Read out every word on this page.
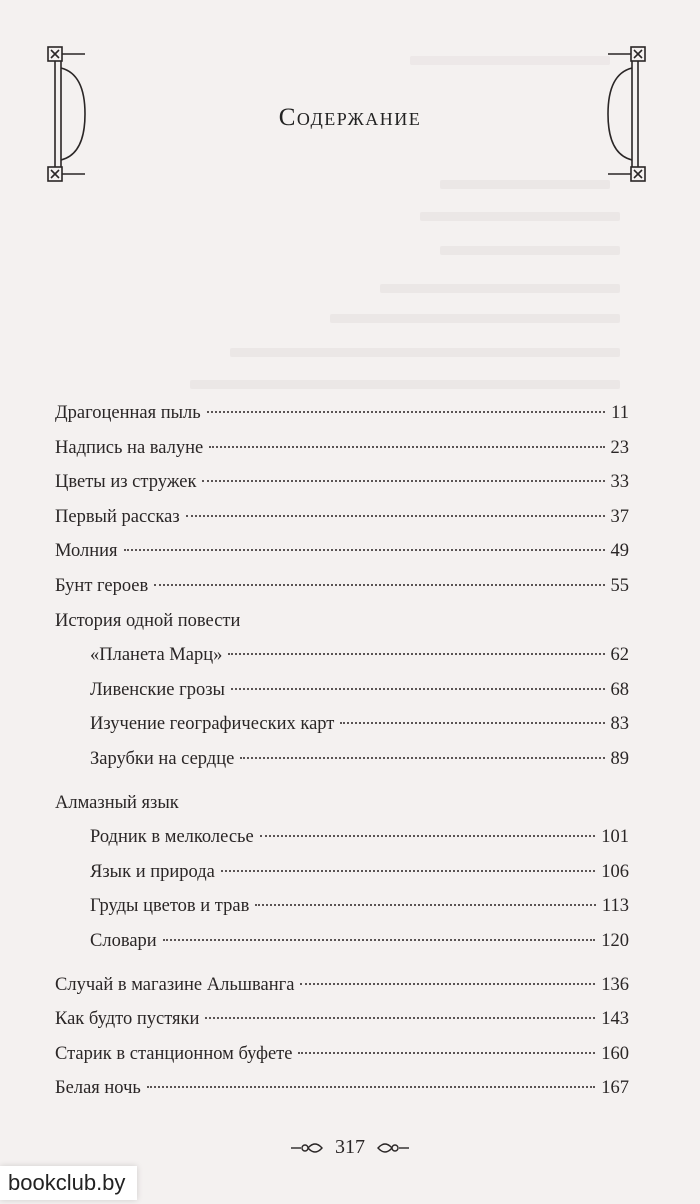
Содержание
Драгоценная пыль	11
Надпись на валуне	23
Цветы из стружек	33
Первый рассказ	37
Молния	49
Бунт героев	55
История одной повести
«Планета Марц»	62
Ливенские грозы	68
Изучение географических карт	83
Зарубки на сердце	89
Алмазный язык
Родник в мелколесье	101
Язык и природа	106
Груды цветов и трав	113
Словари	120
Случай в магазине Альшванга	136
Как будто пустяки	143
Старик в станционном буфете	160
Белая ночь	167
317
bookclub.by
